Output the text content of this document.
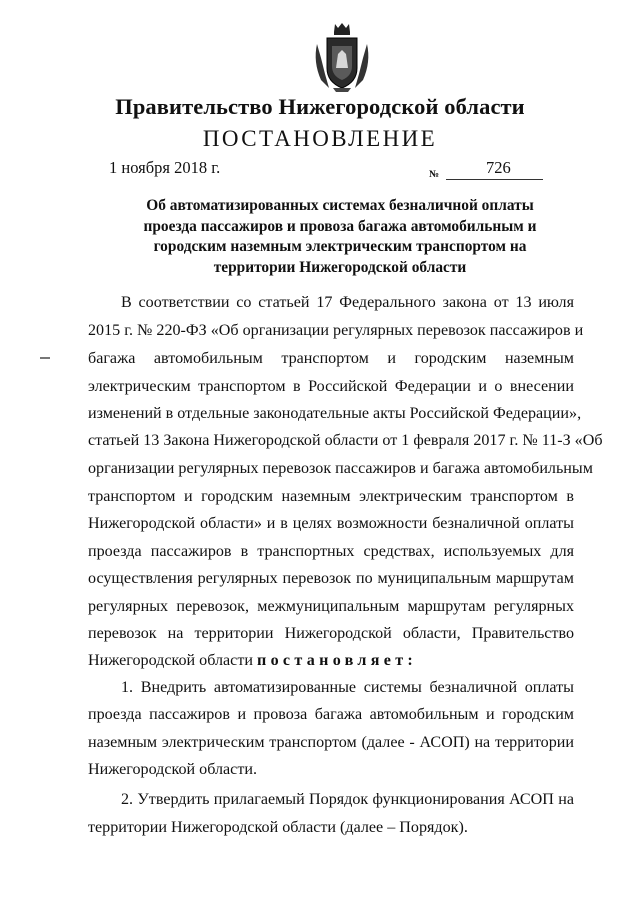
Правительство Нижегородской области
ПОСТАНОВЛЕНИЕ
1 ноября 2018 г.	№	726
Об автоматизированных системах безналичной оплаты
проезда пассажиров и провоза багажа автомобильным и
городским наземным электрическим транспортом на
территории Нижегородской области
В соответствии со статьей 17 Федерального закона от 13 июля
2015 г. № 220-ФЗ «Об организации регулярных перевозок пассажиров и
багажа автомобильным транспортом и городским наземным
электрическим транспортом в Российской Федерации и о внесении
изменений в отдельные законодательные акты Российской Федерации»,
статьей 13 Закона Нижегородской области от 1 февраля 2017 г. № 11-З «Об
организации регулярных перевозок пассажиров и багажа автомобильным
транспортом и городским наземным электрическим транспортом в
Нижегородской области» и в целях возможности безналичной оплаты
проезда пассажиров в транспортных средствах, используемых для
осуществления регулярных перевозок по муниципальным маршрутам
регулярных перевозок, межмуниципальным маршрутам регулярных
перевозок на территории Нижегородской области, Правительство
Нижегородской области постановляет:
1. Внедрить автоматизированные системы безналичной оплаты
проезда пассажиров и провоза багажа автомобильным и городским
наземным электрическим транспортом (далее - АСОП) на территории
Нижегородской области.
2. Утвердить прилагаемый Порядок функционирования АСОП на
территории Нижегородской области (далее – Порядок).
